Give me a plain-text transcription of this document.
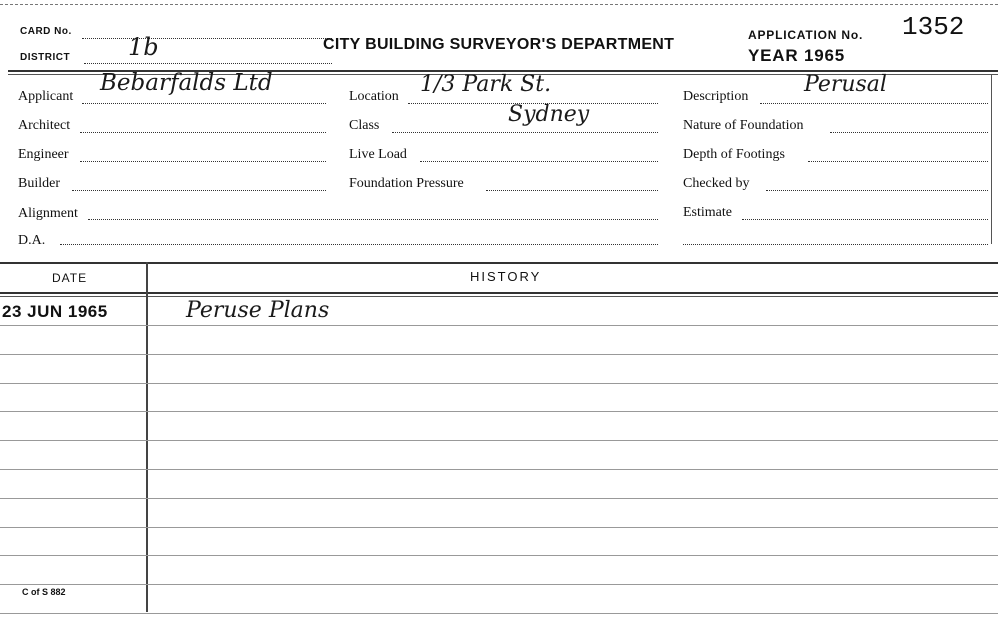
CARD No.
DISTRICT 1b	CITY BUILDING SURVEYOR'S DEPARTMENT
APPLICATION No. 1352
YEAR 1965
Applicant
Bebarfalds Ltd
Architect
Engineer
Builder
Alignment
D.A.
Location 1/3 Park St.
Class	Sydney
Live Load
Foundation Pressure
Description	Perusal
Nature of Foundation
Depth of Footings
Checked by
Estimate
DATE	HISTORY
23 JUN 1965	Peruse Plans
C of S 882
